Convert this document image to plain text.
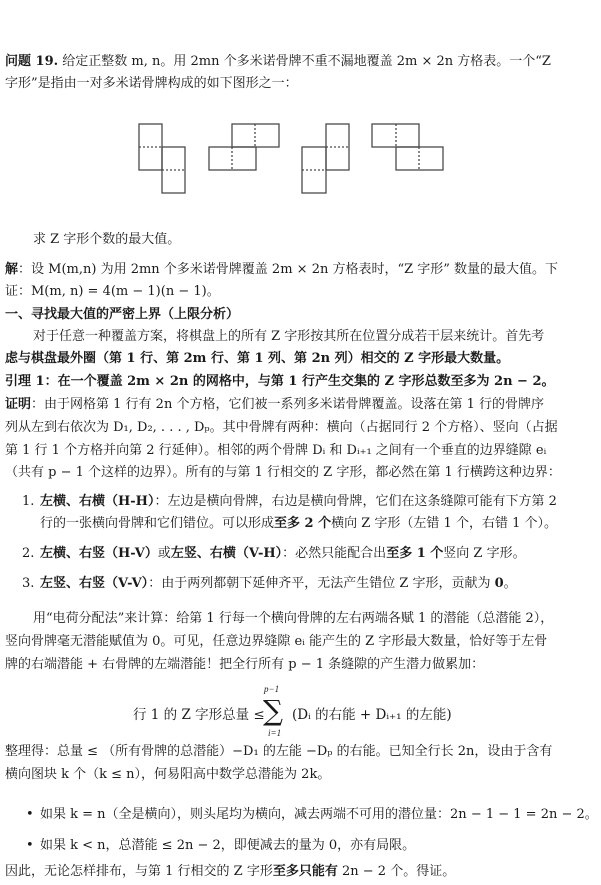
问题 19. 给定正整数 m, n。用 2mn 个多米诺骨牌不重不漏地覆盖 2m × 2n 方格表。一个“Z
字形”是指由一对多米诺骨牌构成的如下图形之一：
求 Z 字形个数的最大值。
解：设 M(m,n) 为用 2mn 个多米诺骨牌覆盖 2m × 2n 方格表时，“Z 字形” 数量的最大值。下
证：M(m, n) = 4(m − 1)(n − 1)。
一、寻找最大值的严密上界（上限分析）
对于任意一种覆盖方案，将棋盘上的所有 Z 字形按其所在位置分成若干层来统计。首先考
虑与棋盘最外圈（第 1 行、第 2m 行、第 1 列、第 2n 列）相交的 Z 字形最大数量。
引理 1：在一个覆盖 2m × 2n 的网格中，与第 1 行产生交集的 Z 字形总数至多为 2n − 2。
证明：由于网格第 1 行有 2n 个方格，它们被一系列多米诺骨牌覆盖。设落在第 1 行的骨牌序
列从左到右依次为 D₁, D₂, . . . , Dₚ。其中骨牌有两种：横向（占据同行 2 个方格）、竖向（占据
第 1 行 1 个方格并向第 2 行延伸）。相邻的两个骨牌 Dᵢ 和 Dᵢ₊₁ 之间有一个垂直的边界缝隙 eᵢ
（共有 p − 1 个这样的边界）。所有的与第 1 行相交的 Z 字形，都必然在第 1 行横跨这种边界：
1. 左横、右横（H-H）：左边是横向骨牌，右边是横向骨牌，它们在这条缝隙可能有下方第 2
行的一张横向骨牌和它们错位。可以形成至多 2 个横向 Z 字形（左错 1 个，右错 1 个）。
2. 左横、右竖（H-V）或左竖、右横（V-H）：必然只能配合出至多 1 个竖向 Z 字形。
3. 左竖、右竖（V-V）：由于两列都朝下延伸齐平，无法产生错位 Z 字形，贡献为 0。
用“电荷分配法”来计算：给第 1 行每一个横向骨牌的左右两端各赋 1 的潜能（总潜能 2），
竖向骨牌毫无潜能赋值为 0。可见，任意边界缝隙 eᵢ 能产生的 Z 字形最大数量，恰好等于左骨
牌的右端潜能 + 右骨牌的左端潜能！把全行所有 p − 1 条缝隙的产生潜力做累加：
行 1 的 Z 字形总量 ≤
p−1
∑
i=1
(Dᵢ 的右能 + Dᵢ₊₁ 的左能)
整理得：总量 ≤ （所有骨牌的总潜能）−D₁ 的左能 −Dₚ 的右能。已知全行长 2n，设由于含有
横向图块 k 个（k ≤ n），何易阳高中数学总潜能为 2k。
• 如果 k = n（全是横向），则头尾均为横向，减去两端不可用的潜位量：2n − 1 − 1 = 2n − 2。
• 如果 k < n，总潜能 ≤ 2n − 2，即便减去的量为 0，亦有局限。
因此，无论怎样排布，与第 1 行相交的 Z 字形至多只能有 2n − 2 个。得证。
